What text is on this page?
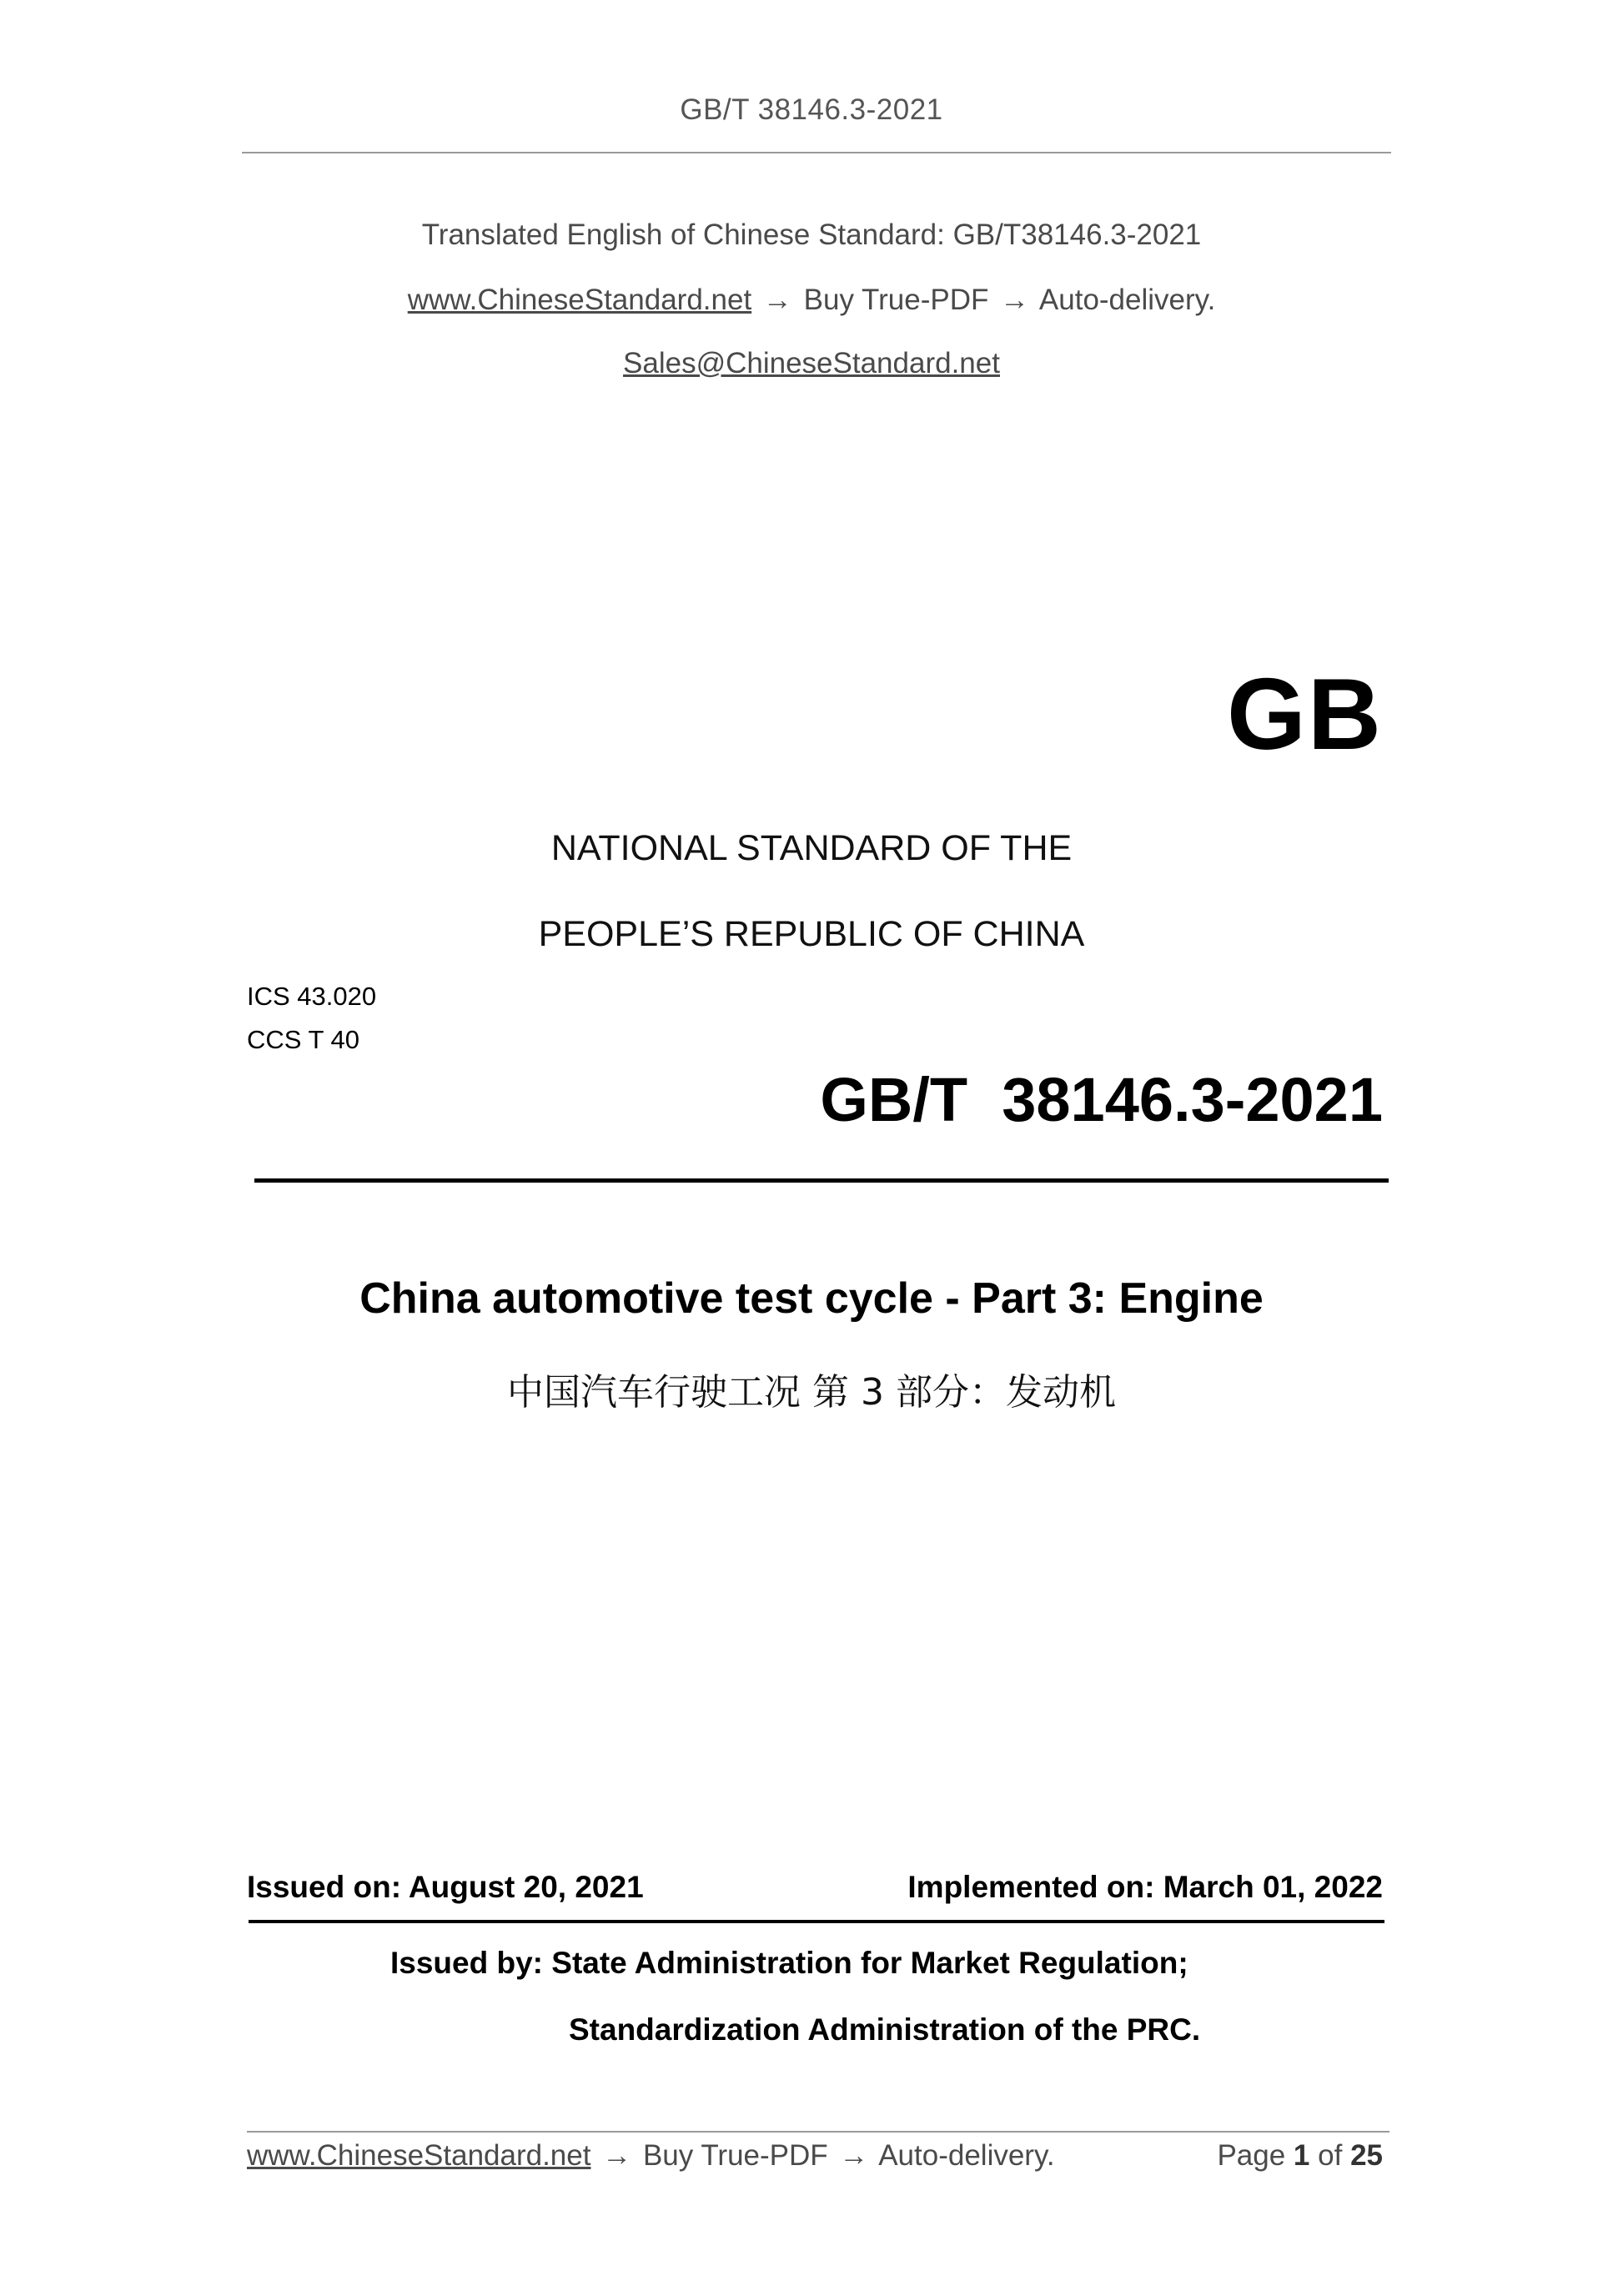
GB/T 38146.3-2021
Translated English of Chinese Standard: GB/T38146.3-2021
www.ChineseStandard.net → Buy True-PDF → Auto-delivery.
Sales@ChineseStandard.net
GB
NATIONAL STANDARD OF THE
PEOPLE’S REPUBLIC OF CHINA
ICS 43.020
CCS T 40
GB/T  38146.3-2021
China automotive test cycle - Part 3: Engine
中国汽车行驶工况 第 3 部分：发动机
Issued on: August 20, 2021	Implemented on: March 01, 2022
Issued by: State Administration for Market Regulation;
Standardization Administration of the PRC.
www.ChineseStandard.net → Buy True-PDF → Auto-delivery.	Page 1 of 25
